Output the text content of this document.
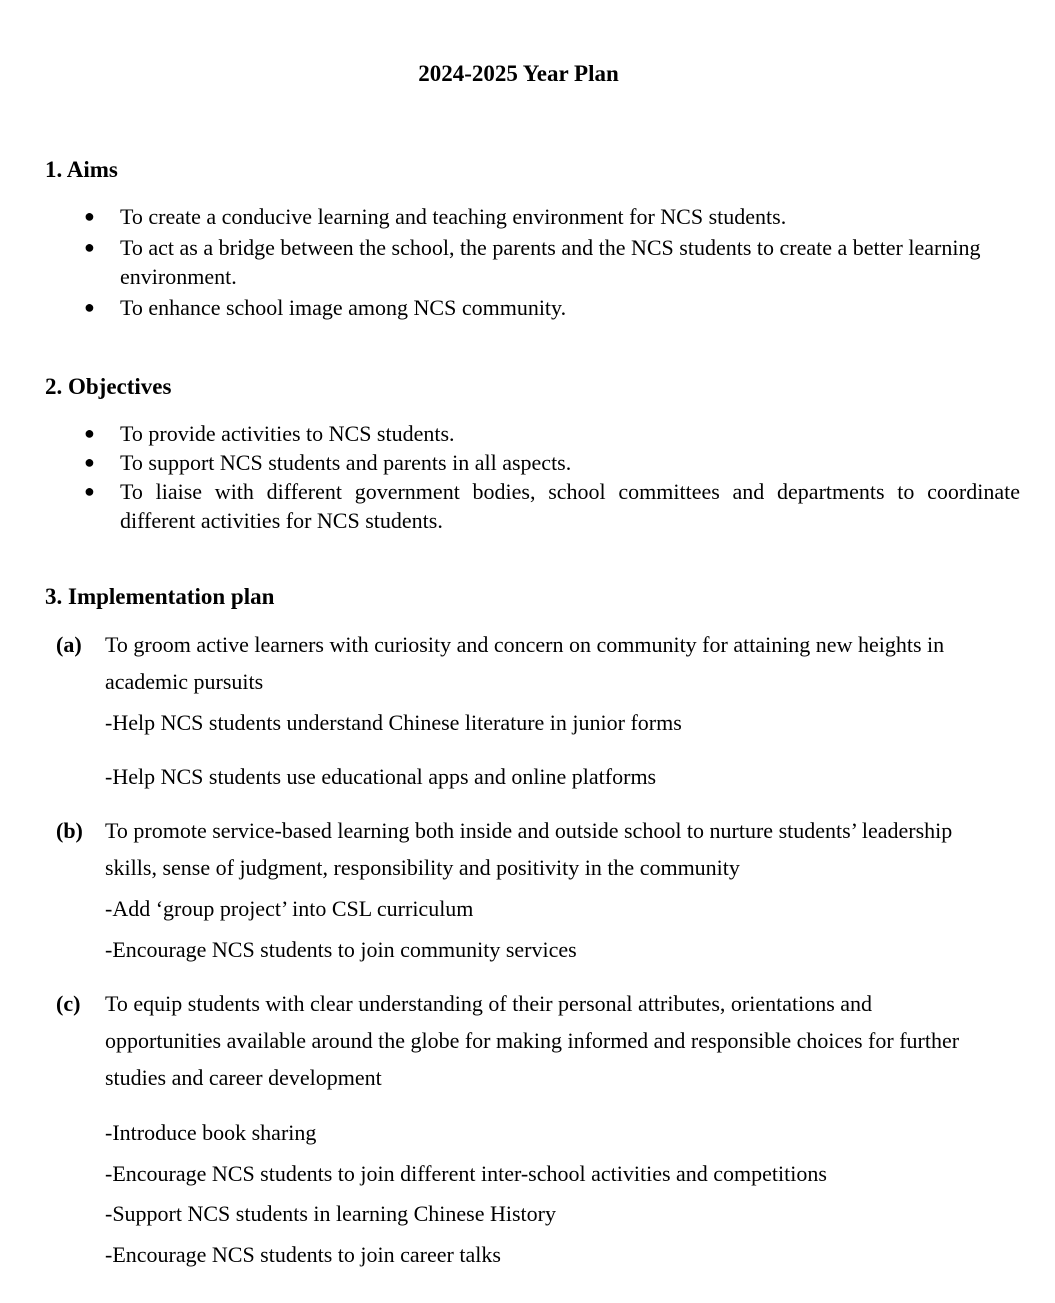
2024-2025 Year Plan
1. Aims
● To create a conducive learning and teaching environment for NCS students.
● To act as a bridge between the school, the parents and the NCS students to create a better learning environment.
● To enhance school image among NCS community.
2. Objectives
● To provide activities to NCS students.
● To support NCS students and parents in all aspects.
● To liaise with different government bodies, school committees and departments to coordinate different activities for NCS students.
3. Implementation plan
(a) To groom active learners with curiosity and concern on community for attaining new heights in academic pursuits
-Help NCS students understand Chinese literature in junior forms
-Help NCS students use educational apps and online platforms
(b) To promote service-based learning both inside and outside school to nurture students’ leadership skills, sense of judgment, responsibility and positivity in the community
-Add ‘group project’ into CSL curriculum
-Encourage NCS students to join community services
(c) To equip students with clear understanding of their personal attributes, orientations and opportunities available around the globe for making informed and responsible choices for further studies and career development
-Introduce book sharing
-Encourage NCS students to join different inter-school activities and competitions
-Support NCS students in learning Chinese History
-Encourage NCS students to join career talks
